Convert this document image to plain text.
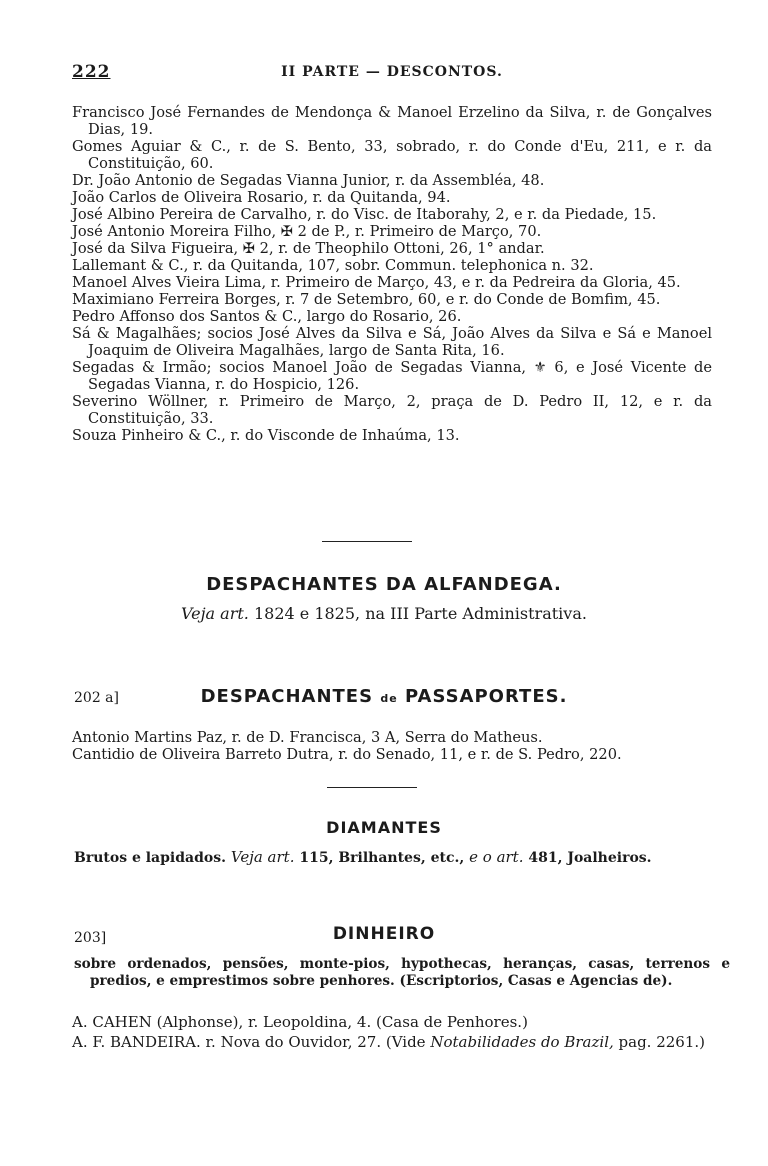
222	II PARTE — DESCONTOS.

Francisco José Fernandes de Mendonça & Manoel Erzelino da Silva, r. de Gonçalves Dias, 19.

Gomes Aguiar & C., r. de S. Bento, 33, sobrado, r. do Conde d'Eu, 211, e r. da Constituição, 60.

Dr. João Antonio de Segadas Vianna Junior, r. da Assembléa, 48.

João Carlos de Oliveira Rosario, r. da Quitanda, 94.

José Albino Pereira de Carvalho, r. do Visc. de Itaborahy, 2, e r. da Piedade, 15.

José Antonio Moreira Filho, ✠ 2 de P., r. Primeiro de Março, 70.

José da Silva Figueira, ✠ 2, r. de Theophilo Ottoni, 26, 1° andar.

Lallemant & C., r. da Quitanda, 107, sobr. Commun. telephonica n. 32.

Manoel Alves Vieira Lima, r. Primeiro de Março, 43, e r. da Pedreira da Gloria, 45.

Maximiano Ferreira Borges, r. 7 de Setembro, 60, e r. do Conde de Bomfim, 45.

Pedro Affonso dos Santos & C., largo do Rosario, 26.

Sá & Magalhães; socios José Alves da Silva e Sá, João Alves da Silva e Sá e Manoel Joaquim de Oliveira Magalhães, largo de Santa Rita, 16.

Segadas & Irmão; socios Manoel João de Segadas Vianna, ⚜ 6, e José Vicente de Segadas Vianna, r. do Hospicio, 126.

Severino Wöllner, r. Primeiro de Março, 2, praça de D. Pedro II, 12, e r. da Constituição, 33.

Souza Pinheiro & C., r. do Visconde de Inhaúma, 13.

DESPACHANTES DA ALFANDEGA.
Veja art. 1824 e 1825, na III Parte Administrativa.
202 a]	DESPACHANTES de PASSAPORTES.

Antonio Martins Paz, r. de D. Francisca, 3 A, Serra do Matheus.

Cantidio de Oliveira Barreto Dutra, r. do Senado, 11, e r. de S. Pedro, 220.

DIAMANTES
Brutos e lapidados. Veja art. 115, Brilhantes, etc., e o art. 481, Joalheiros.
203]	DINHEIRO
sobre ordenados, pensões, monte-pios, hypothecas, heranças, casas, terrenos e predios, e emprestimos sobre penhores. (Escriptorios, Casas e Agencias de).
A. CAHEN (Alphonse), r. Leopoldina, 4. (Casa de Penhores.)
A. F. BANDEIRA. r. Nova do Ouvidor, 27. (Vide Notabilidades do Brazil, pag. 2261.)
